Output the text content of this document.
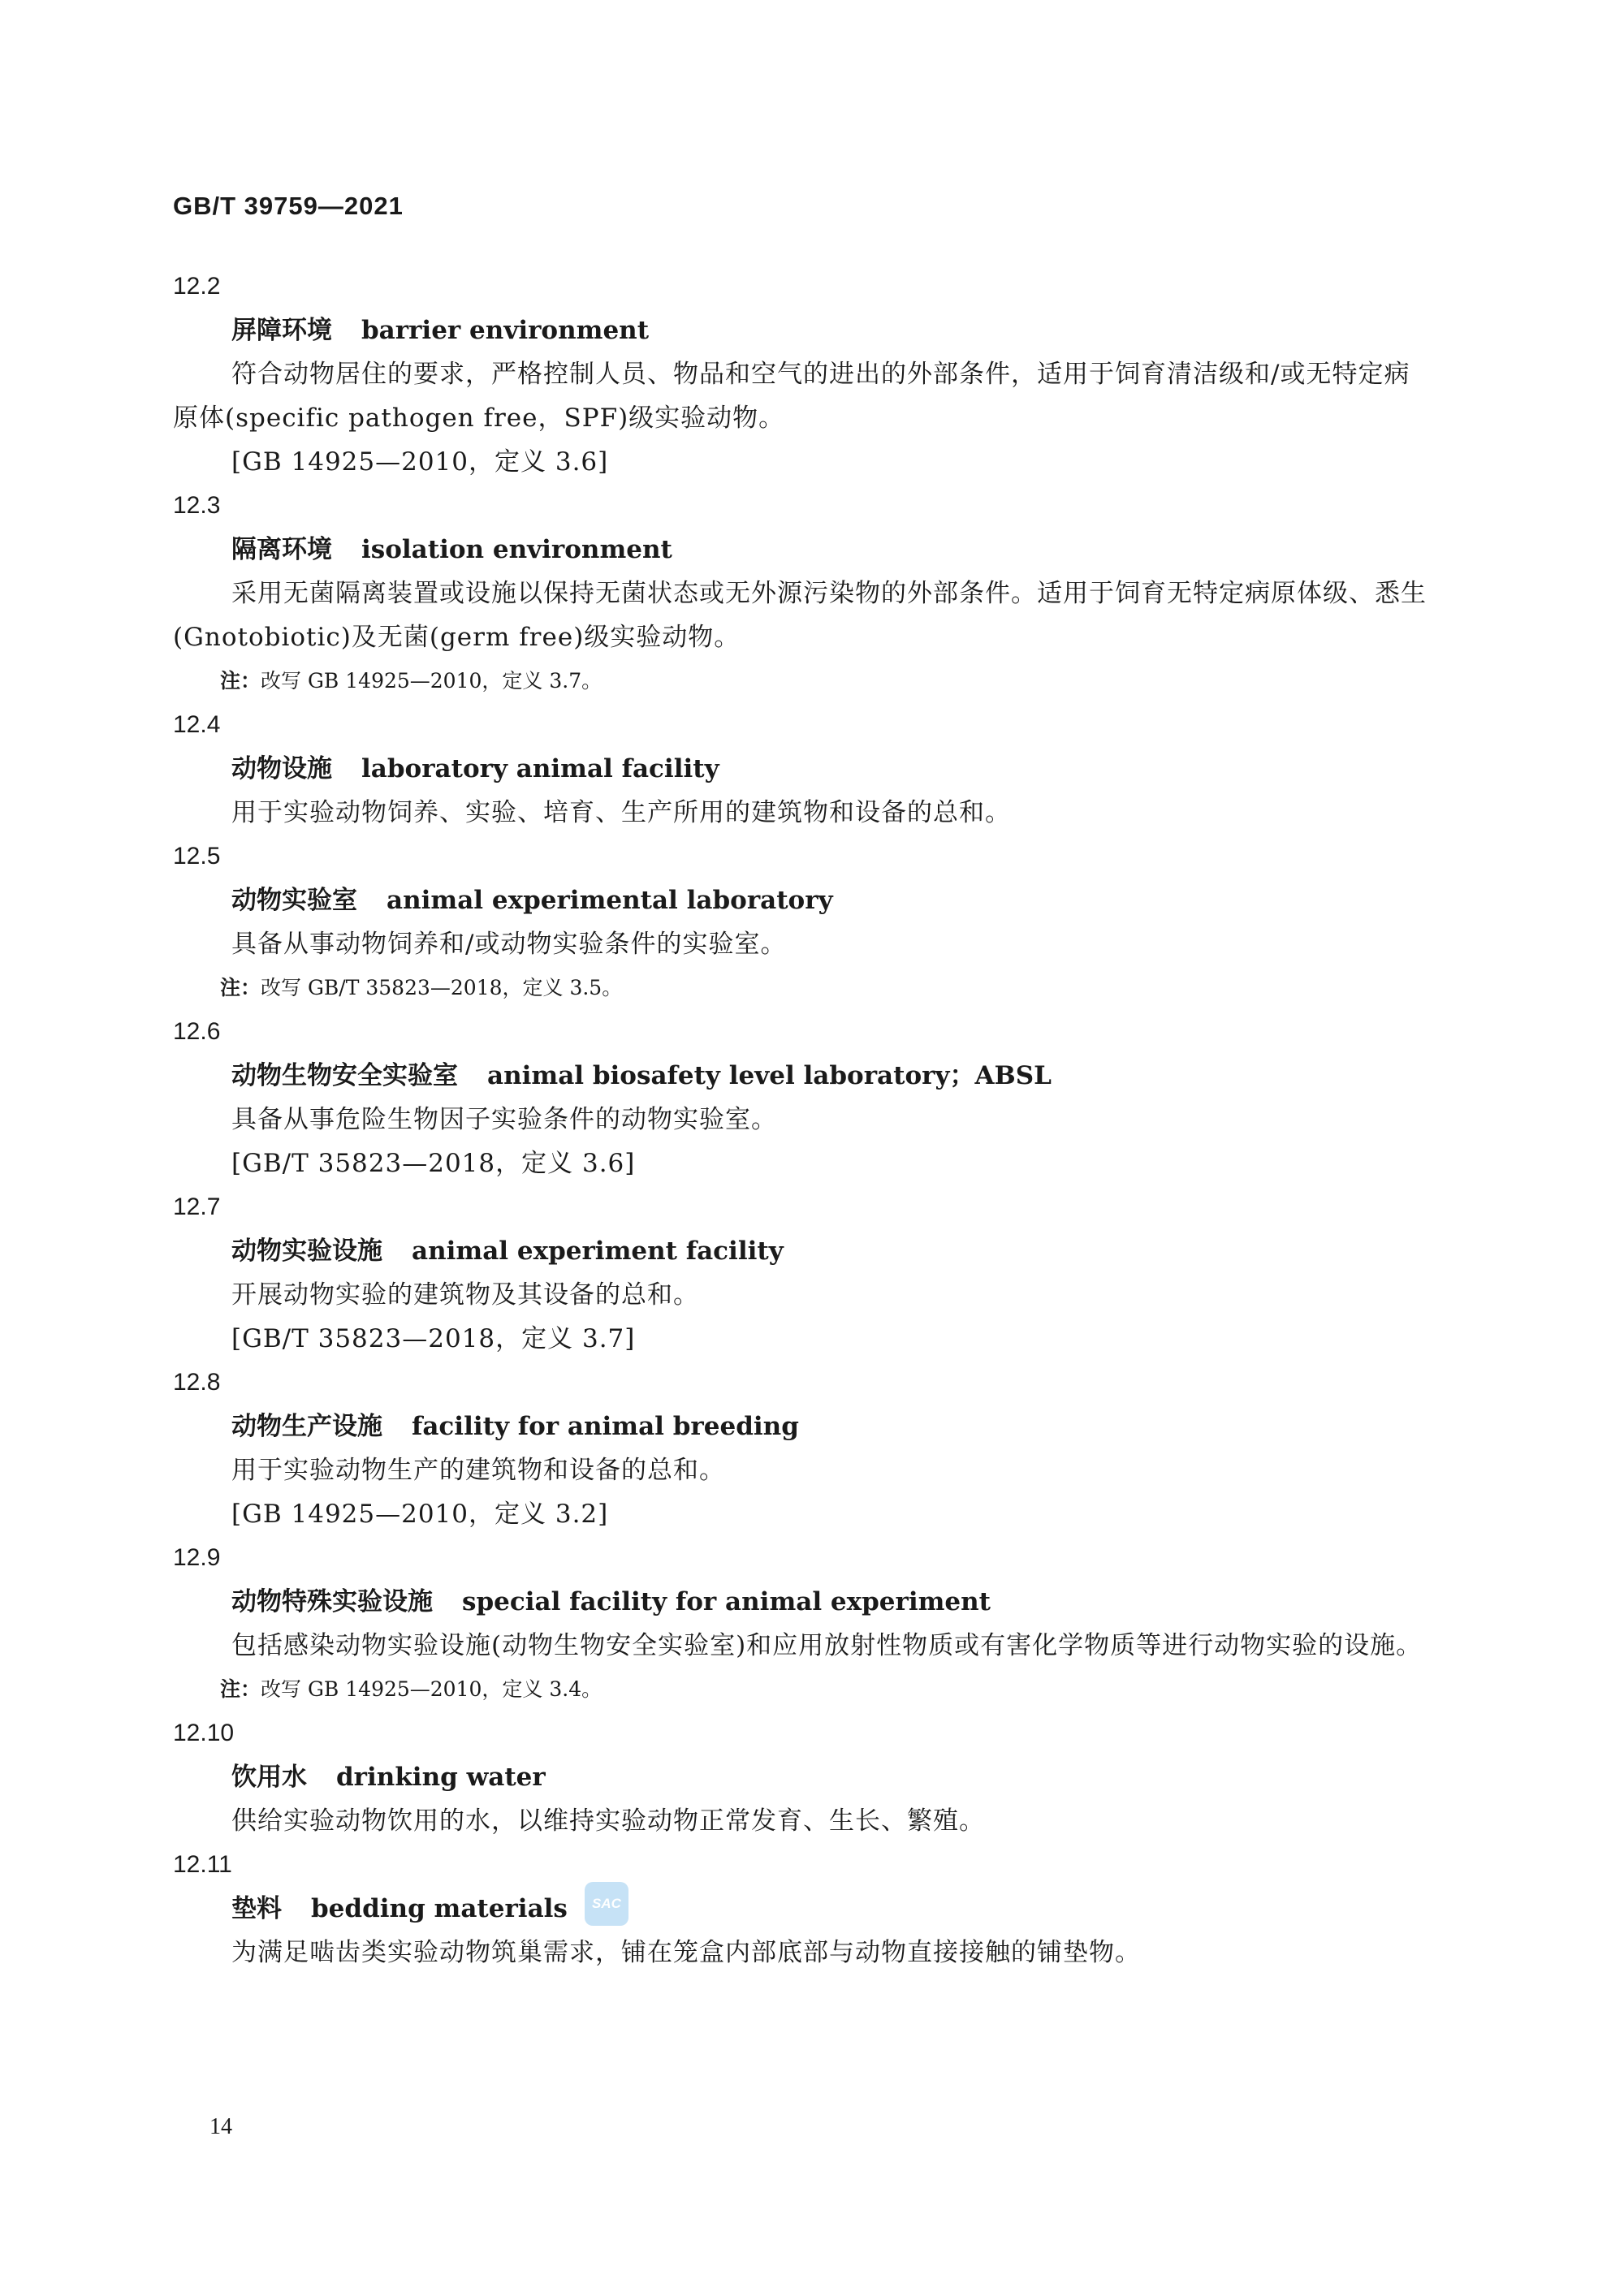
GB/T 39759—2021
12.2
屏障环境 barrier environment
符合动物居住的要求，严格控制人员、物品和空气的进出的外部条件，适用于饲育清洁级和/或无特定病原体(specific pathogen free，SPF)级实验动物。
[GB 14925—2010，定义 3.6]
12.3
隔离环境 isolation environment
采用无菌隔离装置或设施以保持无菌状态或无外源污染物的外部条件。适用于饲育无特定病原体级、悉生(Gnotobiotic)及无菌(germ free)级实验动物。
注：改写 GB 14925—2010，定义 3.7。
12.4
动物设施 laboratory animal facility
用于实验动物饲养、实验、培育、生产所用的建筑物和设备的总和。
12.5
动物实验室 animal experimental laboratory
具备从事动物饲养和/或动物实验条件的实验室。
注：改写 GB/T 35823—2018，定义 3.5。
12.6
动物生物安全实验室 animal biosafety level laboratory；ABSL
具备从事危险生物因子实验条件的动物实验室。
[GB/T 35823—2018，定义 3.6]
12.7
动物实验设施 animal experiment facility
开展动物实验的建筑物及其设备的总和。
[GB/T 35823—2018，定义 3.7]
12.8
动物生产设施 facility for animal breeding
用于实验动物生产的建筑物和设备的总和。
[GB 14925—2010，定义 3.2]
12.9
动物特殊实验设施 special facility for animal experiment
包括感染动物实验设施(动物生物安全实验室)和应用放射性物质或有害化学物质等进行动物实验的设施。
注：改写 GB 14925—2010，定义 3.4。
12.10
饮用水 drinking water
供给实验动物饮用的水，以维持实验动物正常发育、生长、繁殖。
12.11
垫料 bedding materials
为满足啮齿类实验动物筑巢需求，铺在笼盒内部底部与动物直接接触的铺垫物。
SAC
14
